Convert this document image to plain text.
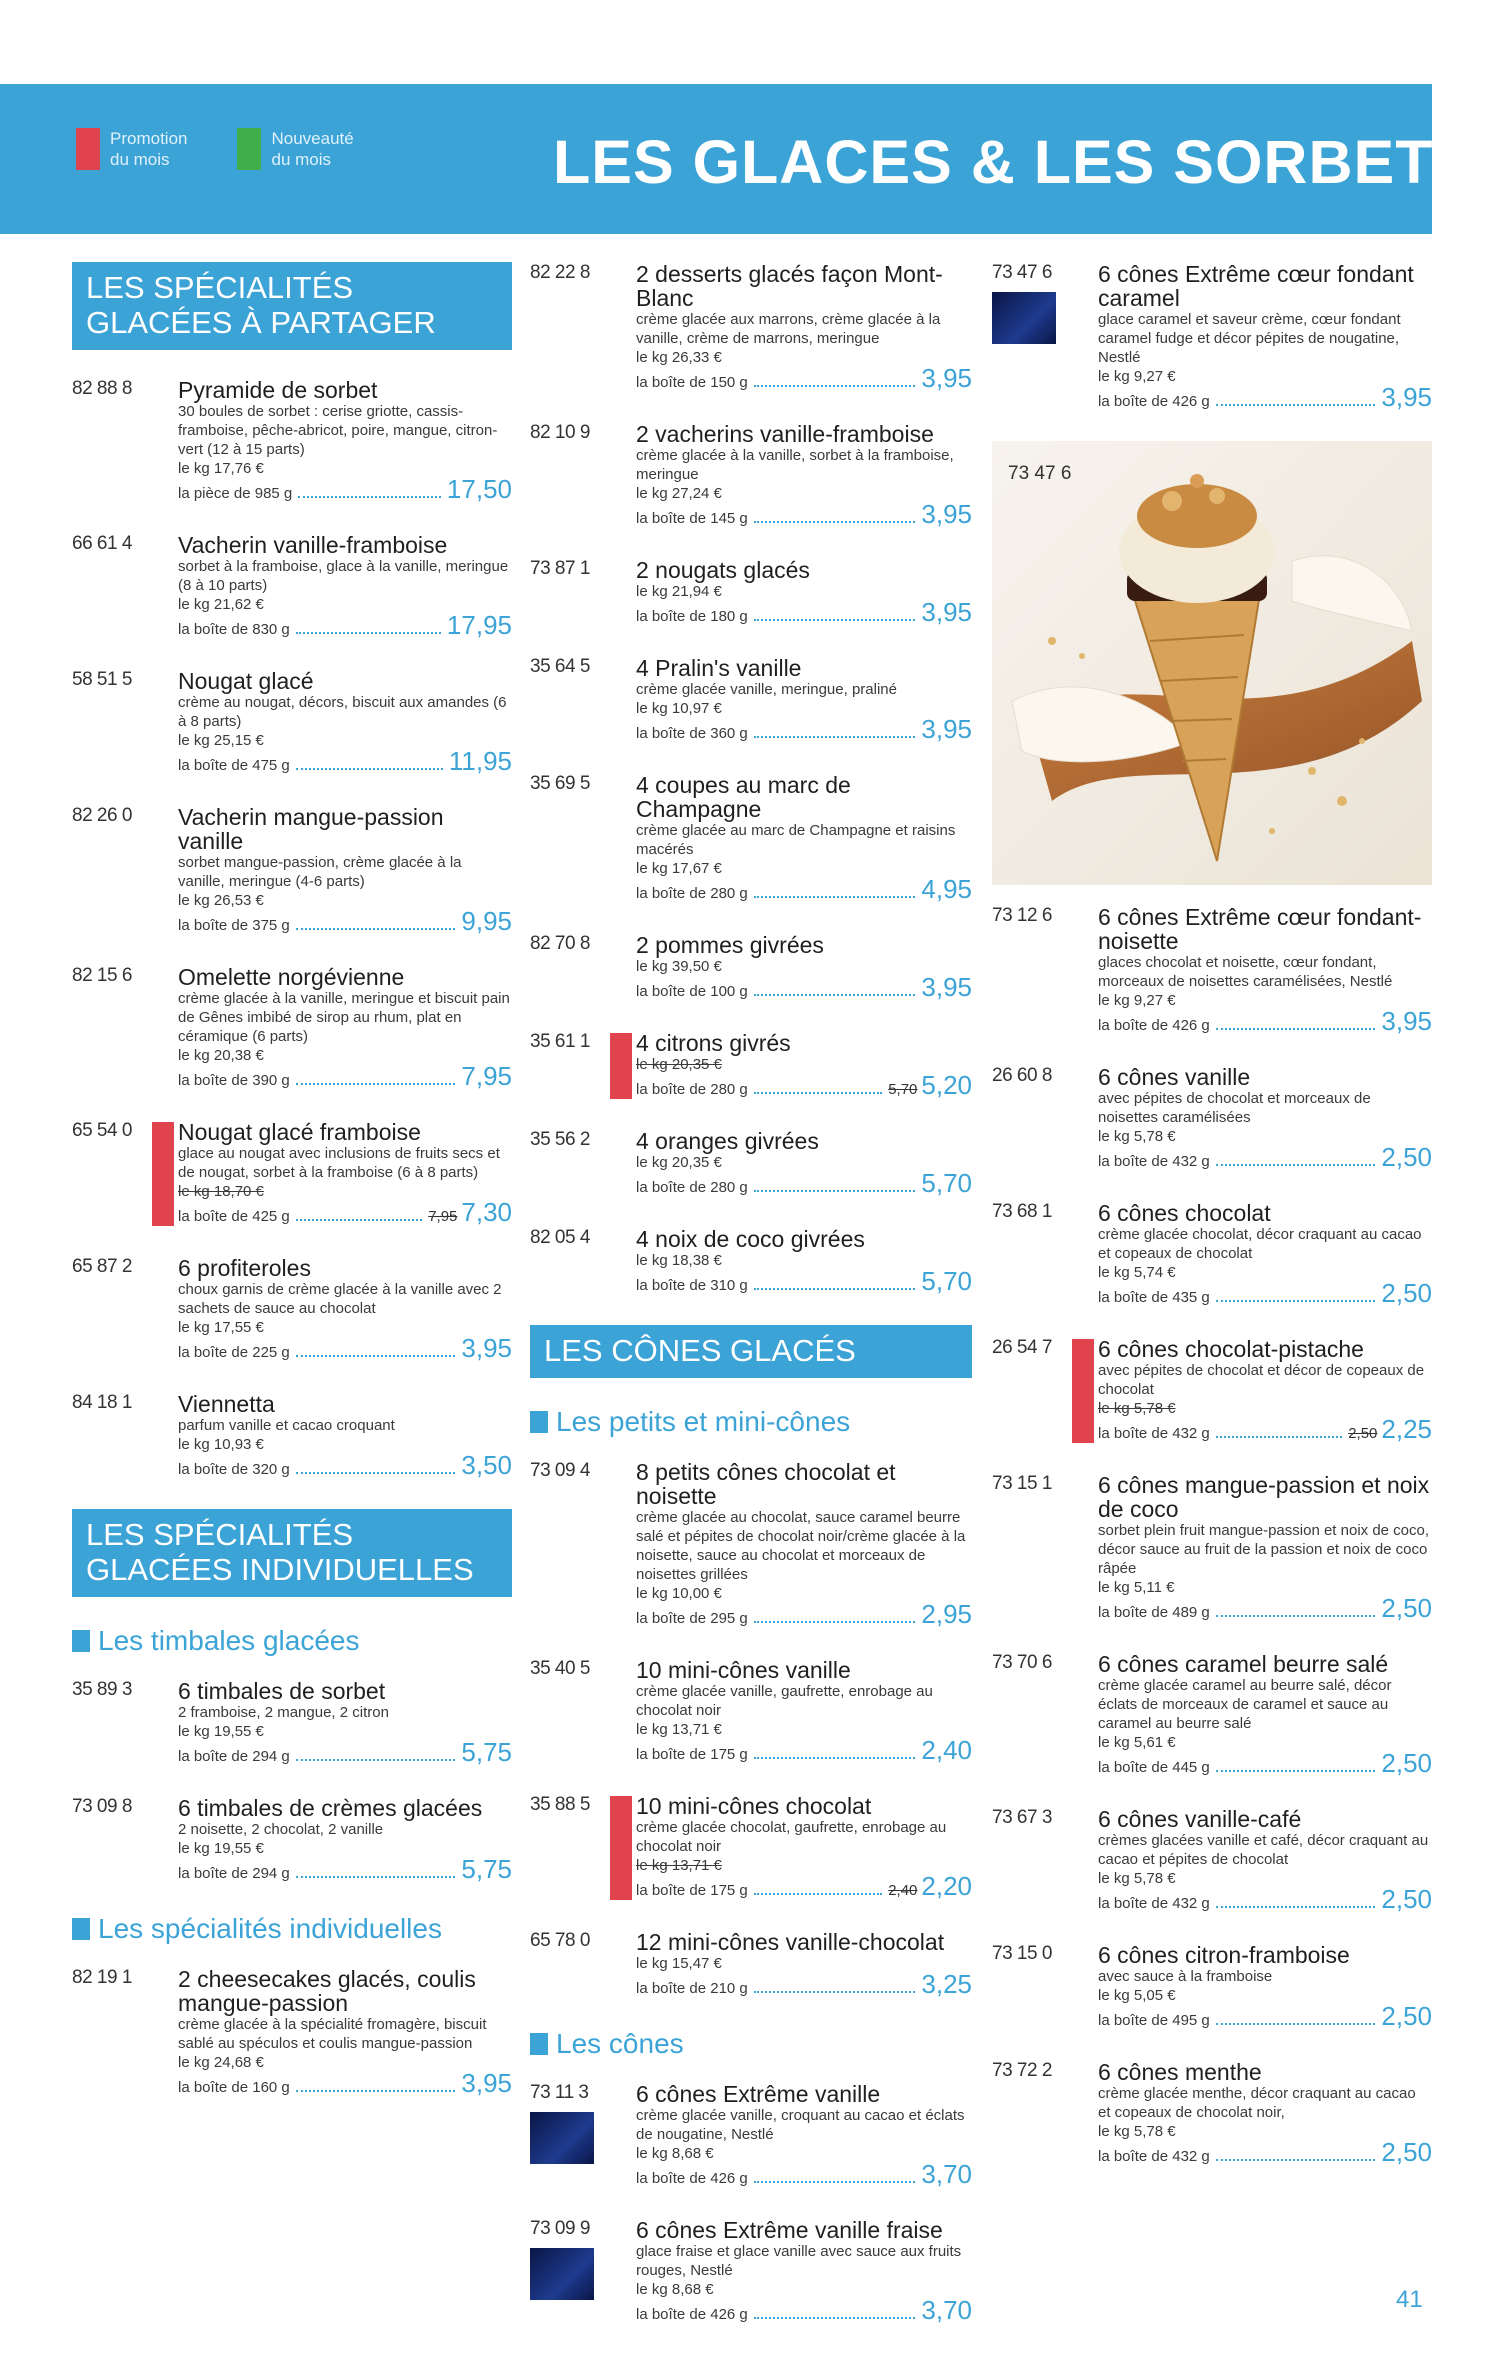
Promotion
du mois
Nouveauté
du mois	LES GLACES & LES SORBETS
LES SPÉCIALITÉS GLACÉES À PARTAGER
82 88 8 Pyramide de sorbet
30 boules de sorbet : cerise griotte, cassis-framboise, pêche-abricot, poire, mangue, citron-vert (12 à 15 parts)
le kg 17,76 €
la pièce de 985 g	17,50
66 61 4 Vacherin vanille-framboise
sorbet à la framboise, glace à la vanille, meringue (8 à 10 parts)
le kg 21,62 €
la boîte de 830 g	17,95
58 51 5 Nougat glacé
crème au nougat, décors, biscuit aux amandes (6 à 8 parts)
le kg 25,15 €
la boîte de 475 g	11,95
82 26 0 Vacherin mangue-passion vanille
sorbet mangue-passion, crème glacée à la vanille, meringue (4-6 parts)
le kg 26,53 €
la boîte de 375 g	9,95
82 15 6 Omelette norgévienne
crème glacée à la vanille, meringue et biscuit pain de Gênes imbibé de sirop au rhum, plat en céramique (6 parts)
le kg 20,38 €
la boîte de 390 g	7,95
65 54 0 Nougat glacé framboise
glace au nougat avec inclusions de fruits secs et de nougat, sorbet à la framboise (6 à 8 parts)
le kg 18,70 €
la boîte de 425 g	7,95 7,30
65 87 2 6 profiteroles
choux garnis de crème glacée à la vanille avec 2 sachets de sauce au chocolat
le kg 17,55 €
la boîte de 225 g	3,95
84 18 1 Viennetta
parfum vanille et cacao croquant
le kg 10,93 €
la boîte de 320 g	3,50
LES SPÉCIALITÉS GLACÉES INDIVIDUELLES
Les timbales glacées
35 89 3 6 timbales de sorbet
2 framboise, 2 mangue, 2 citron
le kg 19,55 €
la boîte de 294 g	5,75
73 09 8 6 timbales de crèmes glacées
2 noisette, 2 chocolat, 2 vanille
le kg 19,55 €
la boîte de 294 g	5,75
Les spécialités individuelles
82 19 1 2 cheesecakes glacés, coulis mangue-passion
crème glacée à la spécialité fromagère, biscuit sablé au spéculos et coulis mangue-passion
le kg 24,68 €
la boîte de 160 g	3,95
82 22 8 2 desserts glacés façon Mont-Blanc
crème glacée aux marrons, crème glacée à la vanille, crème de marrons, meringue
le kg 26,33 €
la boîte de 150 g	3,95
82 10 9 2 vacherins vanille-framboise
crème glacée à la vanille, sorbet à la framboise, meringue
le kg 27,24 €
la boîte de 145 g	3,95
73 87 1 2 nougats glacés
le kg 21,94 €
la boîte de 180 g	3,95
35 64 5 4 Pralin's vanille
crème glacée vanille, meringue, praliné
le kg 10,97 €
la boîte de 360 g	3,95
35 69 5 4 coupes au marc de Champagne
crème glacée au marc de Champagne et raisins macérés
le kg 17,67 €
la boîte de 280 g	4,95
82 70 8 2 pommes givrées
le kg 39,50 €
la boîte de 100 g	3,95
35 61 1 4 citrons givrés
le kg 20,35 €
la boîte de 280 g	5,70 5,20
35 56 2 4 oranges givrées
le kg 20,35 €
la boîte de 280 g	5,70
82 05 4 4 noix de coco givrées
le kg 18,38 €
la boîte de 310 g	5,70
LES CÔNES GLACÉS
Les petits et mini-cônes
73 09 4 8 petits cônes chocolat et noisette
crème glacée au chocolat, sauce caramel beurre salé et pépites de chocolat noir/crème glacée à la noisette, sauce au chocolat et morceaux de noisettes grillées
le kg 10,00 €
la boîte de 295 g	2,95
35 40 5 10 mini-cônes vanille
crème glacée vanille, gaufrette, enrobage au chocolat noir
le kg 13,71 €
la boîte de 175 g	2,40
35 88 5 10 mini-cônes chocolat
crème glacée chocolat, gaufrette, enrobage au chocolat noir
le kg 13,71 €
la boîte de 175 g	2,40 2,20
65 78 0 12 mini-cônes vanille-chocolat
le kg 15,47 €
la boîte de 210 g	3,25
Les cônes
73 11 3 6 cônes Extrême vanille
crème glacée vanille, croquant au cacao et éclats de nougatine, Nestlé
le kg 8,68 €
la boîte de 426 g	3,70
73 09 9 6 cônes Extrême vanille fraise
glace fraise et glace vanille avec sauce aux fruits rouges, Nestlé
le kg 8,68 €
la boîte de 426 g	3,70
73 47 6 6 cônes Extrême cœur fondant caramel
glace caramel et saveur crème, cœur fondant caramel fudge et décor pépites de nougatine, Nestlé
le kg 9,27 €
la boîte de 426 g	3,95
73 47 6
73 12 6 6 cônes Extrême cœur fondant-noisette
glaces chocolat et noisette, cœur fondant, morceaux de noisettes caramélisées, Nestlé
le kg 9,27 €
la boîte de 426 g	3,95
26 60 8 6 cônes vanille
avec pépites de chocolat et morceaux de noisettes caramélisées
le kg 5,78 €
la boîte de 432 g	2,50
73 68 1 6 cônes chocolat
crème glacée chocolat, décor craquant au cacao et copeaux de chocolat
le kg 5,74 €
la boîte de 435 g	2,50
26 54 7 6 cônes chocolat-pistache
avec pépites de chocolat et décor de copeaux de chocolat
le kg 5,78 €
la boîte de 432 g	2,50 2,25
73 15 1 6 cônes mangue-passion et noix de coco
sorbet plein fruit mangue-passion et noix de coco, décor sauce au fruit de la passion et noix de coco râpée
le kg 5,11 €
la boîte de 489 g	2,50
73 70 6 6 cônes caramel beurre salé
crème glacée caramel au beurre salé, décor éclats de morceaux de caramel et sauce au caramel au beurre salé
le kg 5,61 €
la boîte de 445 g	2,50
73 67 3 6 cônes vanille-café
crèmes glacées vanille et café, décor craquant au cacao et pépites de chocolat
le kg 5,78 €
la boîte de 432 g	2,50
73 15 0 6 cônes citron-framboise
avec sauce à la framboise
le kg 5,05 €
la boîte de 495 g	2,50
73 72 2 6 cônes menthe
crème glacée menthe, décor craquant au cacao et copeaux de chocolat noir,
le kg 5,78 €
la boîte de 432 g	2,50
41
